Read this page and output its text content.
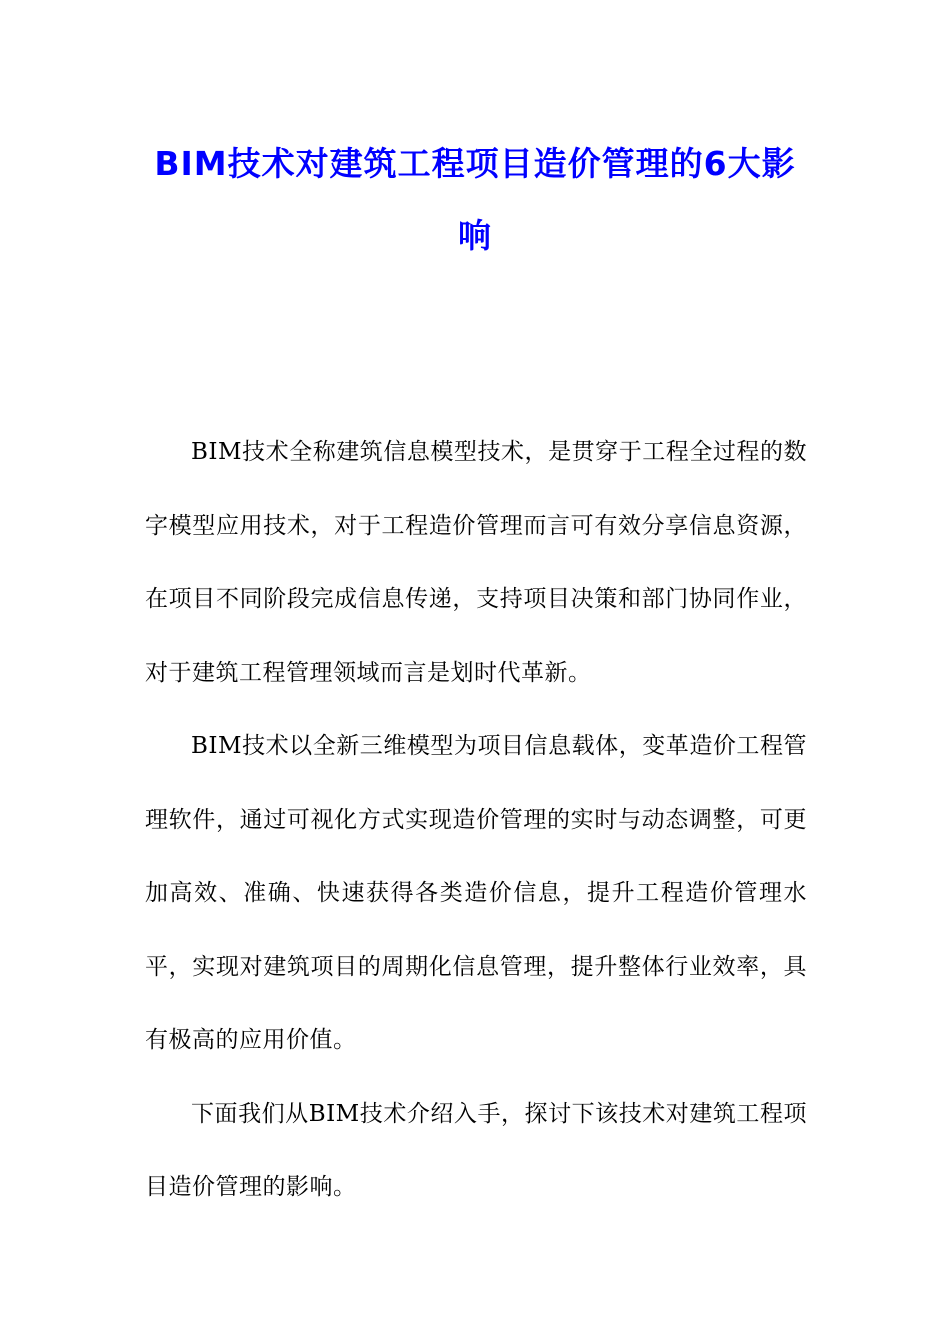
BIM技术对建筑工程项目造价管理的6大影响

BIM技术全称建筑信息模型技术，是贯穿于工程全过程的数字模型应用技术，对于工程造价管理而言可有效分享信息资源，在项目不同阶段完成信息传递，支持项目决策和部门协同作业，对于建筑工程管理领域而言是划时代革新。

BIM技术以全新三维模型为项目信息载体，变革造价工程管理软件，通过可视化方式实现造价管理的实时与动态调整，可更加高效、准确、快速获得各类造价信息，提升工程造价管理水平，实现对建筑项目的周期化信息管理，提升整体行业效率，具有极高的应用价值。

下面我们从BIM技术介绍入手，探讨下该技术对建筑工程项目造价管理的影响。
